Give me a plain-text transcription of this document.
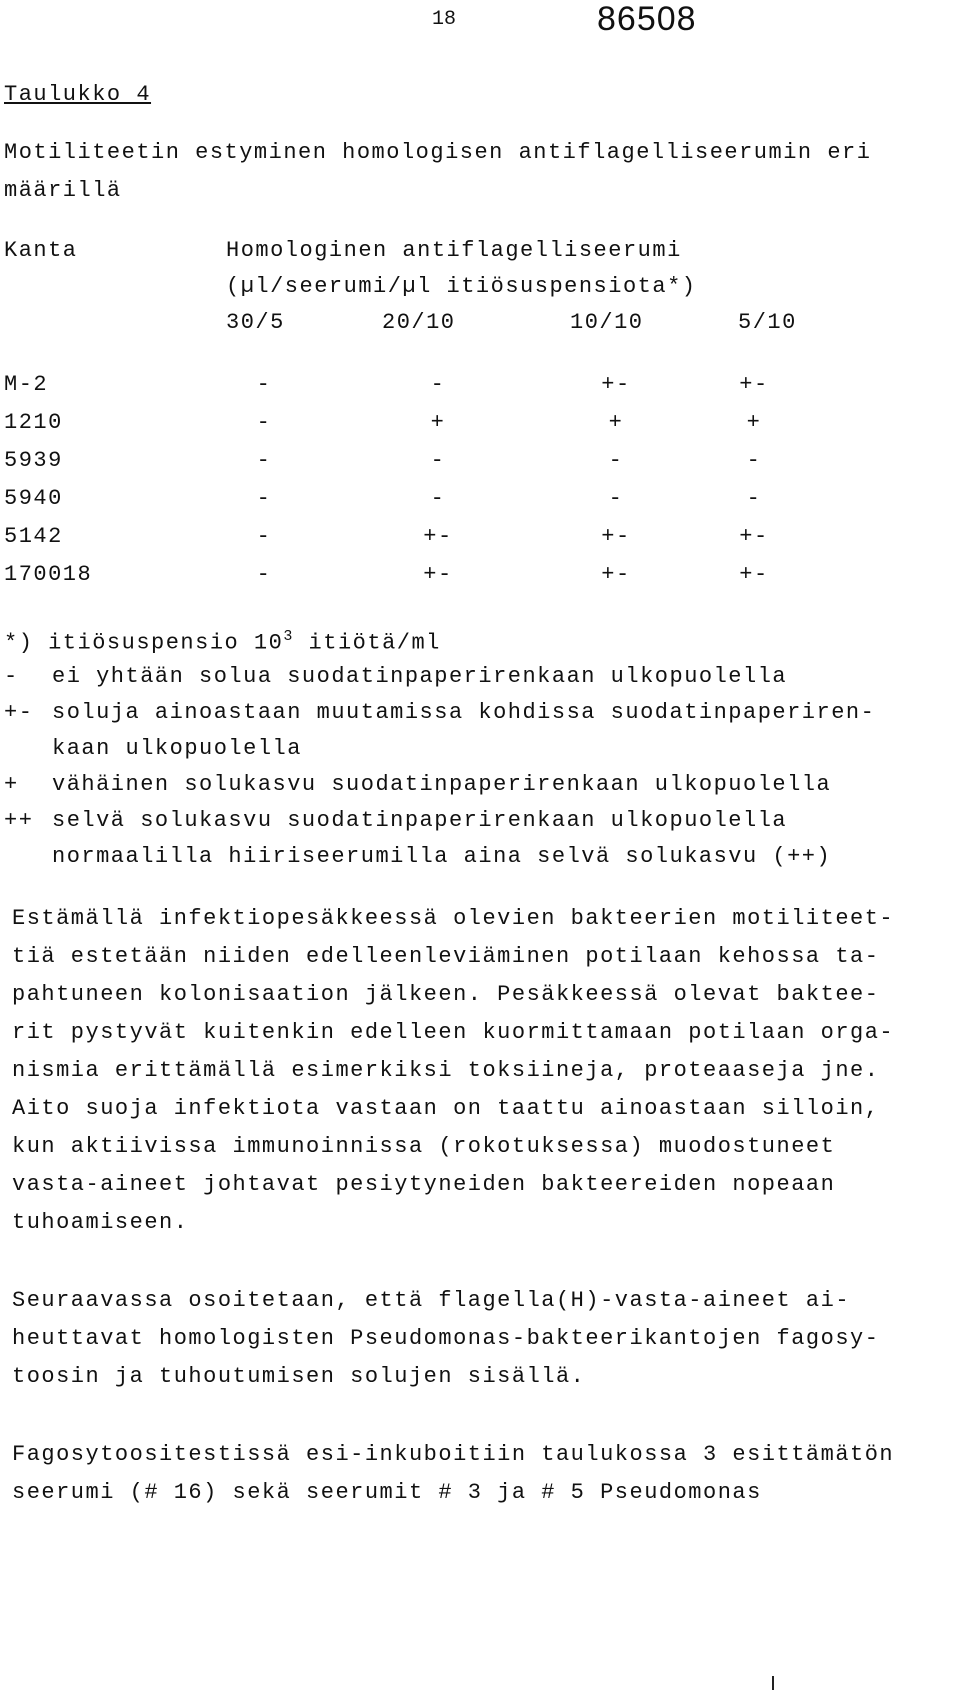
18	86508
Taulukko 4
Motiliteetin estyminen homologisen antiflagelliseerumin eri
määrillä
Kanta	Homologinen antiflagelliseerumi
(µl/seerumi/µl itiösuspensiota*)
30/5	20/10	10/10	5/10
M-2	-	-	+-	+-
1210	-	+	+	+
5939	-	-	-	-
5940	-	-	-	-
5142	-	+-	+-	+-
170018	-	+-	+-	+-
*) itiösuspensio $10^3$ itiötä/ml
- ei yhtään solua suodatinpaperirenkaan ulkopuolella
+- soluja ainoastaan muutamissa kohdissa suodatinpaperiren-
kaan ulkopuolella
+ vähäinen solukasvu suodatinpaperirenkaan ulkopuolella
++ selvä solukasvu suodatinpaperirenkaan ulkopuolella
normaalilla hiiriseerumilla aina selvä solukasvu (++)
Estämällä infektiopesäkkeessä olevien bakteerien motiliteet-
tiä estetään niiden edelleenleviäminen potilaan kehossa ta-
pahtuneen kolonisaation jälkeen. Pesäkkeessä olevat baktee-
rit pystyvät kuitenkin edelleen kuormittamaan potilaan orga-
nismia erittämällä esimerkiksi toksiineja, proteaaseja jne.
Aito suoja infektiota vastaan on taattu ainoastaan silloin,
kun aktiivissa immunoinnissa (rokotuksessa) muodostuneet
vasta-aineet johtavat pesiytyneiden bakteereiden nopeaan
tuhoamiseen.
Seuraavassa osoitetaan, että flagella(H)-vasta-aineet ai-
heuttavat homologisten Pseudomonas-bakteerikantojen fagosy-
toosin ja tuhoutumisen solujen sisällä.
Fagosytoositestissä esi-inkuboitiin taulukossa 3 esittämätön
seerumi (# 16) sekä seerumit # 3 ja # 5 Pseudomonas
